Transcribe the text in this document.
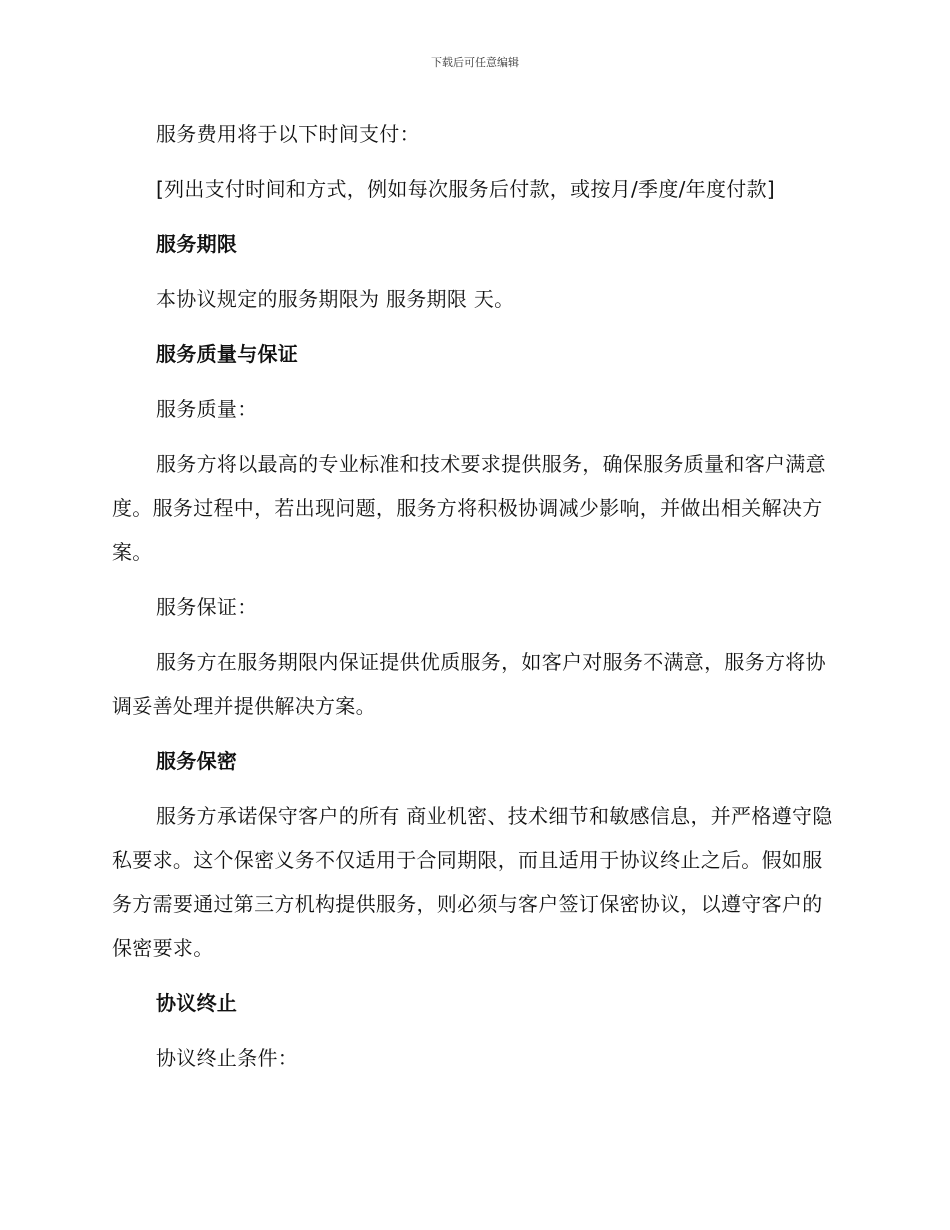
下载后可任意编辑

服务费用将于以下时间支付：

[列出支付时间和方式，例如每次服务后付款，或按月/季度/年度付款]

服务期限

本协议规定的服务期限为 服务期限 天。

服务质量与保证

服务质量：

服务方将以最高的专业标准和技术要求提供服务，确保服务质量和客户满意度。服务过程中，若出现问题，服务方将积极协调减少影响，并做出相关解决方案。

服务保证：

服务方在服务期限内保证提供优质服务，如客户对服务不满意，服务方将协调妥善处理并提供解决方案。

服务保密

服务方承诺保守客户的所有 商业机密、技术细节和敏感信息，并严格遵守隐私要求。这个保密义务不仅适用于合同期限，而且适用于协议终止之后。假如服务方需要通过第三方机构提供服务，则必须与客户签订保密协议，以遵守客户的保密要求。

协议终止

协议终止条件：
